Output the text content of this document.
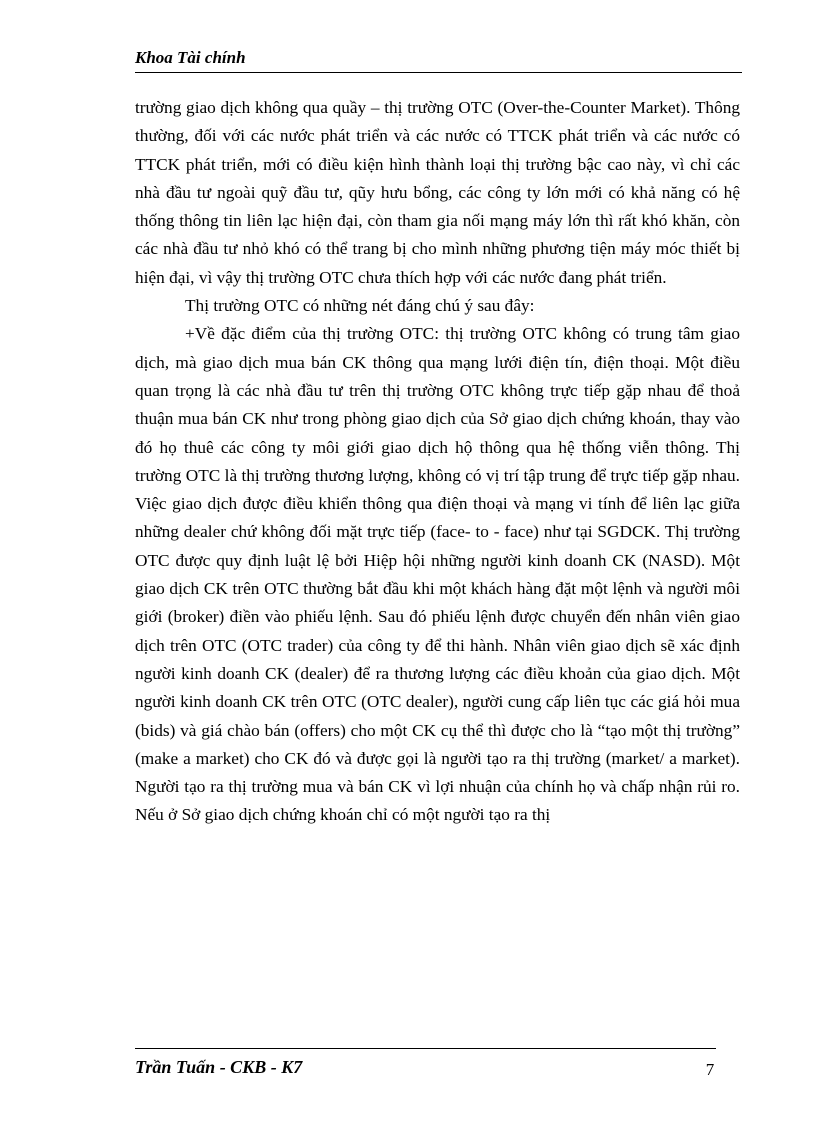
Khoa Tài chính

trường giao dịch không qua quầy – thị trường OTC (Over-the-Counter Market). Thông thường, đối với các nước phát triển và các nước có TTCK phát triển và các nước có TTCK phát triển, mới có điều kiện hình thành loại thị trường bậc cao này, vì chỉ các nhà đầu tư ngoài quỹ đầu tư, qũy hưu bổng, các công ty lớn mới có khả năng có hệ thống thông tin liên lạc hiện đại, còn tham gia nối mạng máy lớn thì rất khó khăn, còn các nhà đầu tư nhỏ khó có thể trang bị cho mình những phương tiện máy móc thiết bị hiện đại, vì vậy thị trường OTC chưa thích hợp với các nước đang phát triển.

Thị trường OTC có những nét đáng chú ý sau đây:

+Về đặc điểm của thị trường OTC: thị trường OTC không có trung tâm giao dịch, mà giao dịch mua bán CK thông qua mạng lưới điện tín, điện thoại. Một điều quan trọng là các nhà đầu tư trên thị trường OTC không trực tiếp gặp nhau để thoả thuận mua bán CK như trong phòng giao dịch của Sở giao dịch chứng khoán, thay vào đó họ thuê các công ty môi giới giao dịch hộ thông qua hệ thống viễn thông. Thị trường OTC là thị trường thương lượng, không có vị trí tập trung để trực tiếp gặp nhau. Việc giao dịch được điều khiển thông qua điện thoại và mạng vi tính để liên lạc giữa những dealer chứ không đối mặt trực tiếp (face- to - face) như tại SGDCK. Thị trường OTC được quy định luật lệ bởi Hiệp hội những người kinh doanh CK (NASD). Một giao dịch CK trên OTC thường bắt đầu khi một khách hàng đặt một lệnh và người môi giới (broker) điền vào phiếu lệnh. Sau đó phiếu lệnh được chuyển đến nhân viên giao dịch trên OTC (OTC trader) của công ty để thi hành. Nhân viên giao dịch sẽ xác định người kinh doanh CK (dealer) để ra thương lượng các điều khoản của giao dịch. Một người kinh doanh CK trên OTC (OTC dealer), người cung cấp liên tục các giá hỏi mua (bids) và giá chào bán (offers) cho một CK cụ thể thì được cho là “tạo một thị trường” (make a market) cho CK đó và được gọi là người tạo ra thị trường (market/ a market). Người tạo ra thị trường mua và bán CK vì lợi nhuận của chính họ và chấp nhận rủi ro. Nếu ở Sở giao dịch chứng khoán chỉ có một người tạo ra thị

Trần Tuấn - CKB - K7	7
